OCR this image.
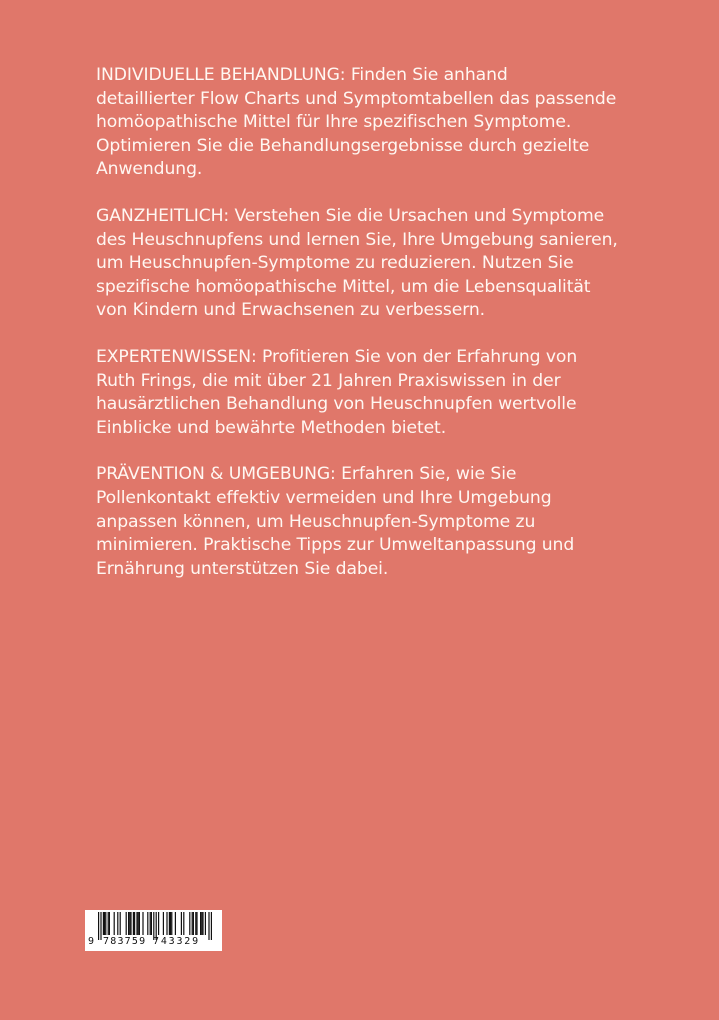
INDIVIDUELLE BEHANDLUNG: Finden Sie anhand
detaillierter Flow Charts und Symptomtabellen das passende
homöopathische Mittel für Ihre spezifischen Symptome.
Optimieren Sie die Behandlungsergebnisse durch gezielte
Anwendung.

GANZHEITLICH: Verstehen Sie die Ursachen und Symptome
des Heuschnupfens und lernen Sie, Ihre Umgebung sanieren,
um Heuschnupfen-Symptome zu reduzieren. Nutzen Sie
spezifische homöopathische Mittel, um die Lebensqualität
von Kindern und Erwachsenen zu verbessern.

EXPERTENWISSEN: Profitieren Sie von der Erfahrung von
Ruth Frings, die mit über 21 Jahren Praxiswissen in der
hausärztlichen Behandlung von Heuschnupfen wertvolle
Einblicke und bewährte Methoden bietet.

PRÄVENTION & UMGEBUNG: Erfahren Sie, wie Sie
Pollenkontakt effektiv vermeiden und Ihre Umgebung
anpassen können, um Heuschnupfen-Symptome zu
minimieren. Praktische Tipps zur Umweltanpassung und
Ernährung unterstützen Sie dabei.

9 783759 743329
